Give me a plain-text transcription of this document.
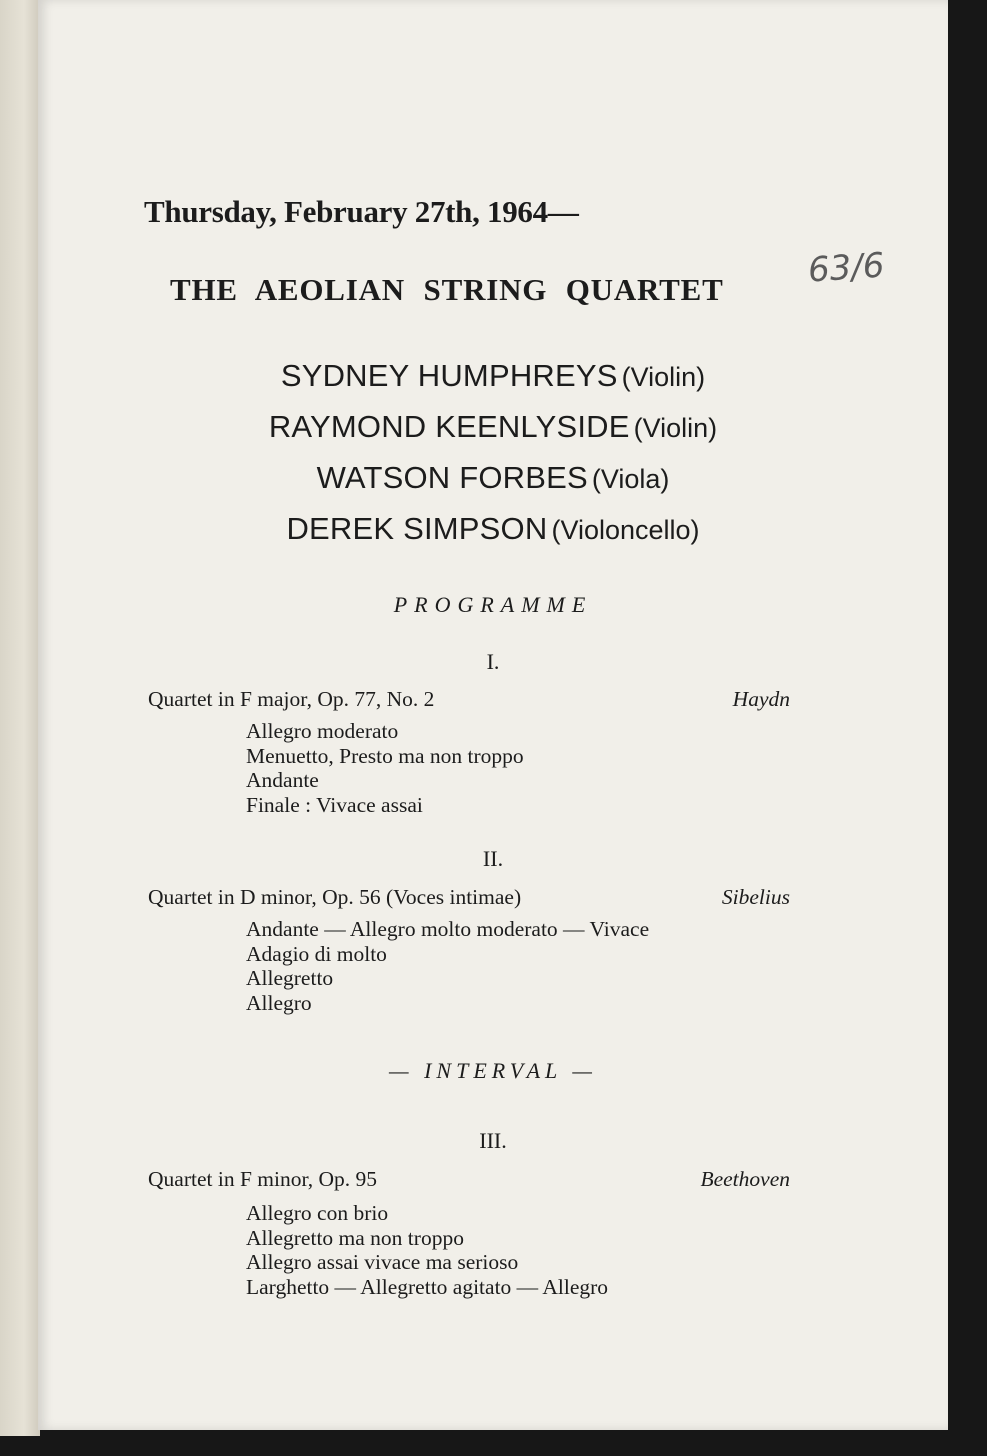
Thursday, February 27th, 1964—
THE AEOLIAN STRING QUARTET 63/6
SYDNEY HUMPHREYS (Violin)
RAYMOND KEENLYSIDE (Violin)
WATSON FORBES (Viola)
DEREK SIMPSON (Violoncello)
PROGRAMME
I.
Quartet in F major, Op. 77, No. 2	Haydn
Allegro moderato
Menuetto, Presto ma non troppo
Andante
Finale : Vivace assai
II.
Quartet in D minor, Op. 56 (Voces intimae)	Sibelius
Andante — Allegro molto moderato — Vivace
Adagio di molto
Allegretto
Allegro
— INTERVAL —
III.
Quartet in F minor, Op. 95	Beethoven
Allegro con brio
Allegretto ma non troppo
Allegro assai vivace ma serioso
Larghetto — Allegretto agitato — Allegro
